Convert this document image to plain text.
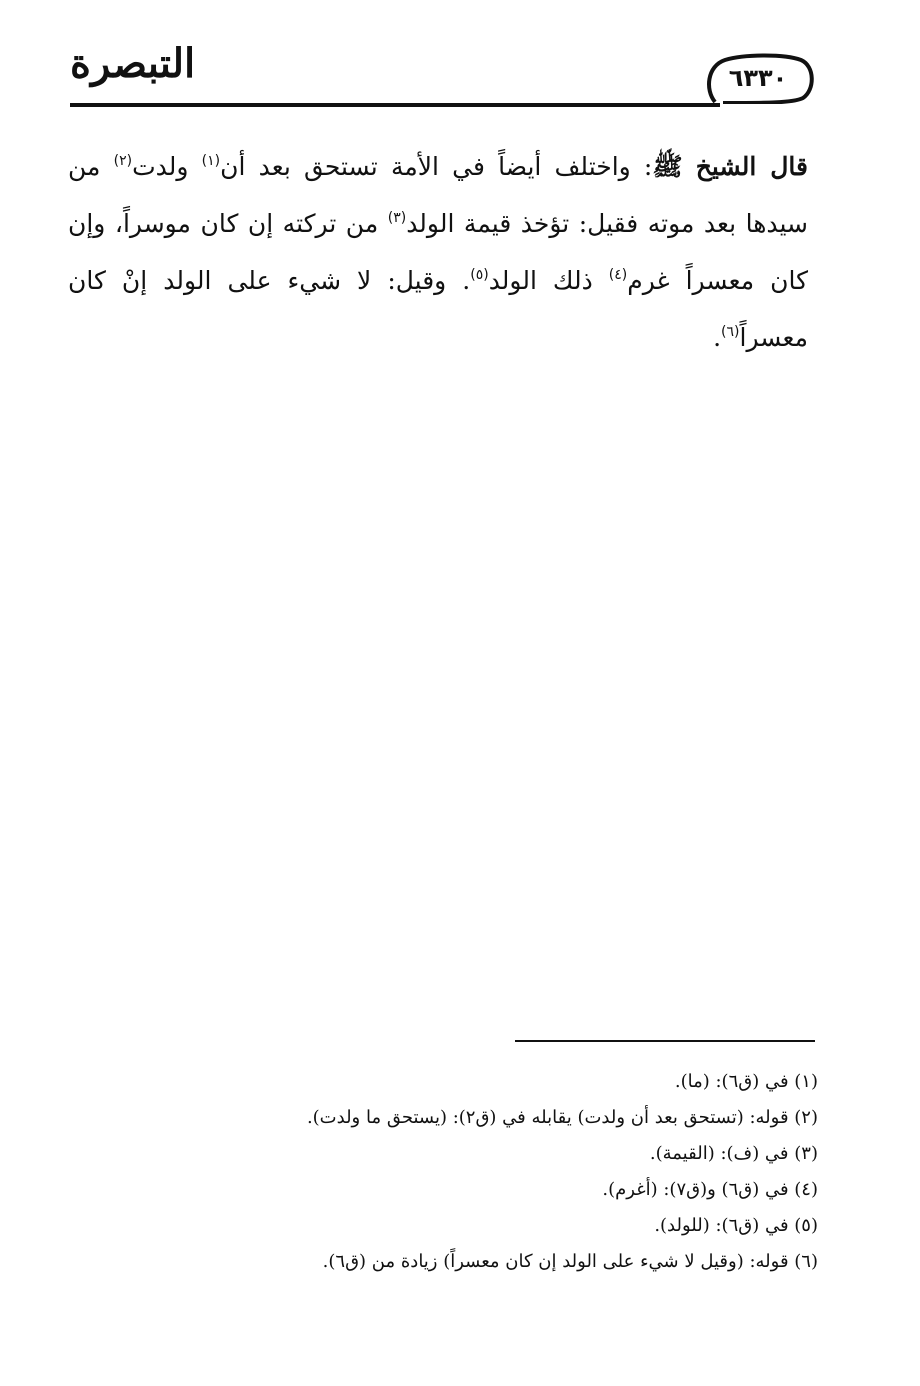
التبصرة	٦٣٣٠
قال الشيخ ﷺ: واختلف أيضاً في الأمة تستحق بعد أن$^{(١)}$ ولدت$^{(٢)}$ من سيدها بعد موته فقيل: تؤخذ قيمة الولد$^{(٣)}$ من تركته إن كان موسراً، وإن كان معسراً غرم$^{(٤)}$ ذلك الولد$^{(٥)}$. وقيل: لا شيء على الولد إنْ كان معسراً$^{(٦)}$.

(١) في (ق٦): (ما).

(٢) قوله: (تستحق بعد أن ولدت) يقابله في (ق٢): (يستحق ما ولدت).

(٣) في (ف): (القيمة).

(٤) في (ق٦) و(ق٧): (أغرم).

(٥) في (ق٦): (للولد).

(٦) قوله: (وقيل لا شيء على الولد إن كان معسراً) زيادة من (ق٦).
